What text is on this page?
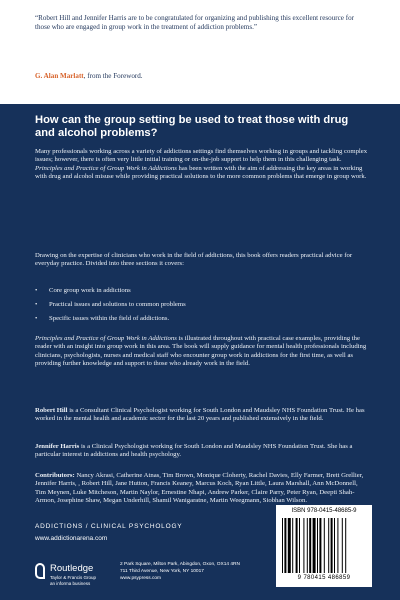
“Robert Hill and Jennifer Harris are to be congratulated for organizing and publishing this excellent resource for those who are engaged in group work in the treatment of addiction problems.”

G. Alan Marlatt, from the Foreword.

How can the group setting be used to treat those with drug and alcohol problems?

Many professionals working across a variety of addictions settings find themselves working in groups and tackling complex issues; however, there is often very little initial training or on-the-job support to help them in this challenging task. Principles and Practice of Group Work in Addictions has been written with the aim of addressing the key areas in working with drug and alcohol misuse while providing practical solutions to the more common problems that emerge in group work.

Drawing on the expertise of clinicians who work in the field of addictions, this book offers readers practical advice for everyday practice. Divided into three sections it covers:

• Core group work in addictions
• Practical issues and solutions to common problems
• Specific issues within the field of addictions.

Principles and Practice of Group Work in Addictions is illustrated throughout with practical case examples, providing the reader with an insight into group work in this area. The book will supply guidance for mental health professionals including clinicians, psychologists, nurses and medical staff who encounter group work in addictions for the first time, as well as providing further knowledge and support to those who already work in the field.

Robert Hill is a Consultant Clinical Psychologist working for South London and Maudsley NHS Foundation Trust. He has worked in the mental health and academic sector for the last 20 years and published extensively in the field.

Jennifer Harris is a Clinical Psychologist working for South London and Maudsley NHS Foundation Trust. She has a particular interest in addictions and health psychology.

Contributors: Nancy Akrasi, Catherine Atnas, Tim Brown, Monique Cloherty, Rachel Davies, Elly Farmer, Brett Grellier, Jennifer Harris, , Robert Hill, Jane Hutton, Francis Keaney, Marcus Koch, Ryan Little, Laura Marshall, Ann McDonnell, Tim Meynen, Luke Mitcheson, Martin Naylor, Ernestine Nhapi, Andrew Parker, Claire Parry, Peter Ryan, Deepti Shah-Armon, Josephine Shaw, Megan Underhill, Shamil Wanigaratne, Martin Weegmann, Siobhan Wilson.

ADDICTIONS / CLINICAL PSYCHOLOGY

www.addictionarena.com

Routledge

Taylor & Francis Group

an informa business

2 Park Square, Milton Park, Abingdon, Oxon, OX14 4RN

711 Third Avenue, New York, NY 10017

www.psypress.com

ISBN 978-0415-48685-9

9 780415 486859
